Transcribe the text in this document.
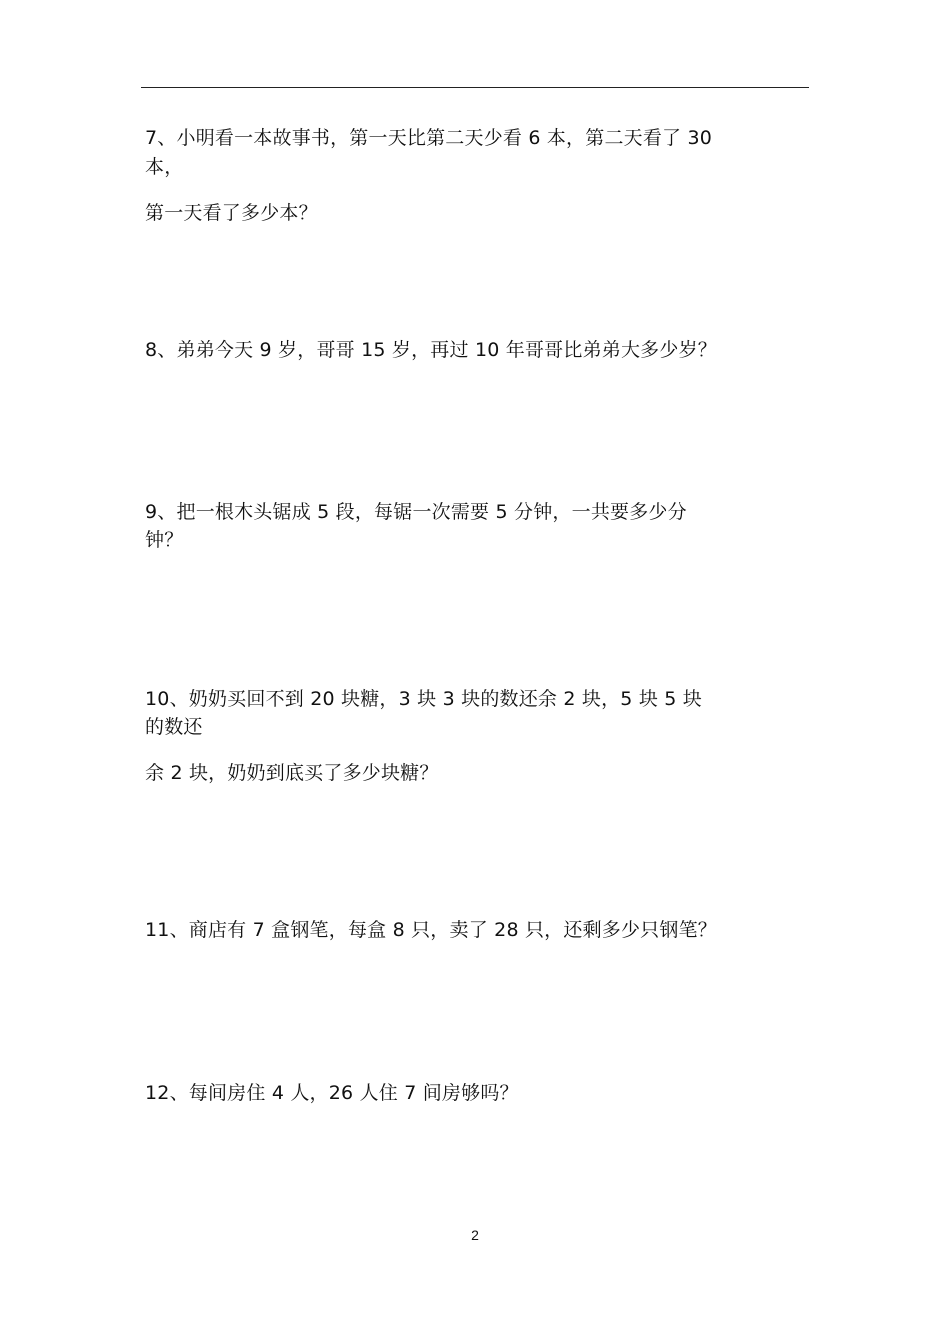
7、小明看一本故事书，第一天比第二天少看 6 本，第二天看了 30
本，
第一天看了多少本？
8、弟弟今天 9 岁，哥哥 15 岁，再过 10 年哥哥比弟弟大多少岁？
9、把一根木头锯成 5 段，每锯一次需要 5 分钟，一共要多少分
钟？
10、奶奶买回不到 20 块糖，3 块 3 块的数还余 2 块，5 块 5 块
的数还
余 2 块，奶奶到底买了多少块糖？
11、商店有 7 盒钢笔，每盒 8 只，卖了 28 只，还剩多少只钢笔？
12、每间房住 4 人，26 人住 7 间房够吗？
2
